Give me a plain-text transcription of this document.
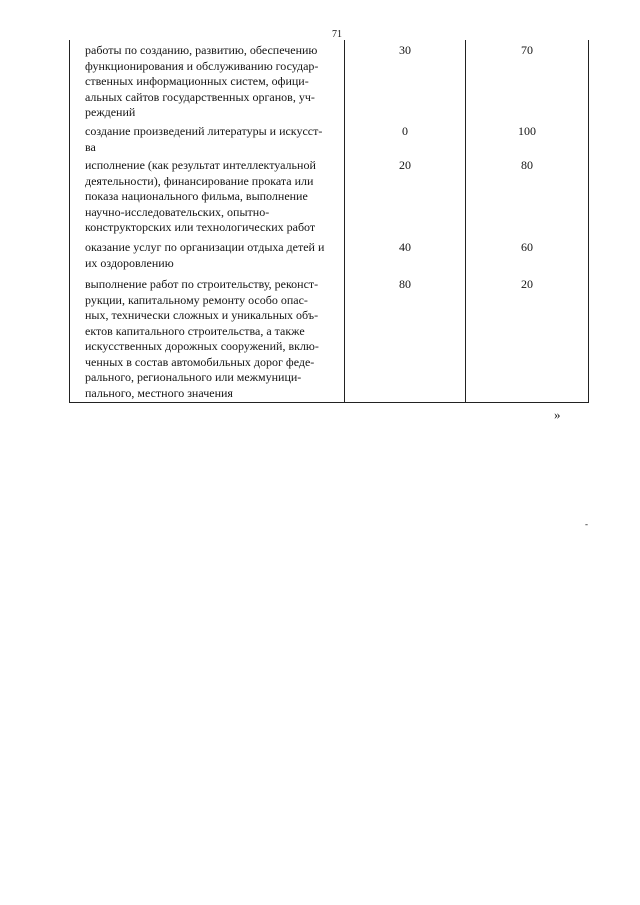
71
работы по созданию, развитию, обеспечению
функционирования и обслуживанию государ-
ственных информационных систем, офици-
альных сайтов государственных органов, уч-
реждений
30	70
создание произведений литературы и искусст-
ва
0	100
исполнение (как результат интеллектуальной
деятельности), финансирование проката или
показа национального фильма, выполнение
научно-исследовательских, опытно-
конструкторских или технологических работ
20	80
оказание услуг по организации отдыха детей и
их оздоровлению
40	60
выполнение работ по строительству, реконст-
рукции, капитальному ремонту особо опас-
ных, технически сложных и уникальных объ-
ектов капитального строительства, а также
искусственных дорожных сооружений, вклю-
ченных в состав автомобильных дорог феде-
рального, регионального или межмуници-
пального, местного значения
80	20
»
-
